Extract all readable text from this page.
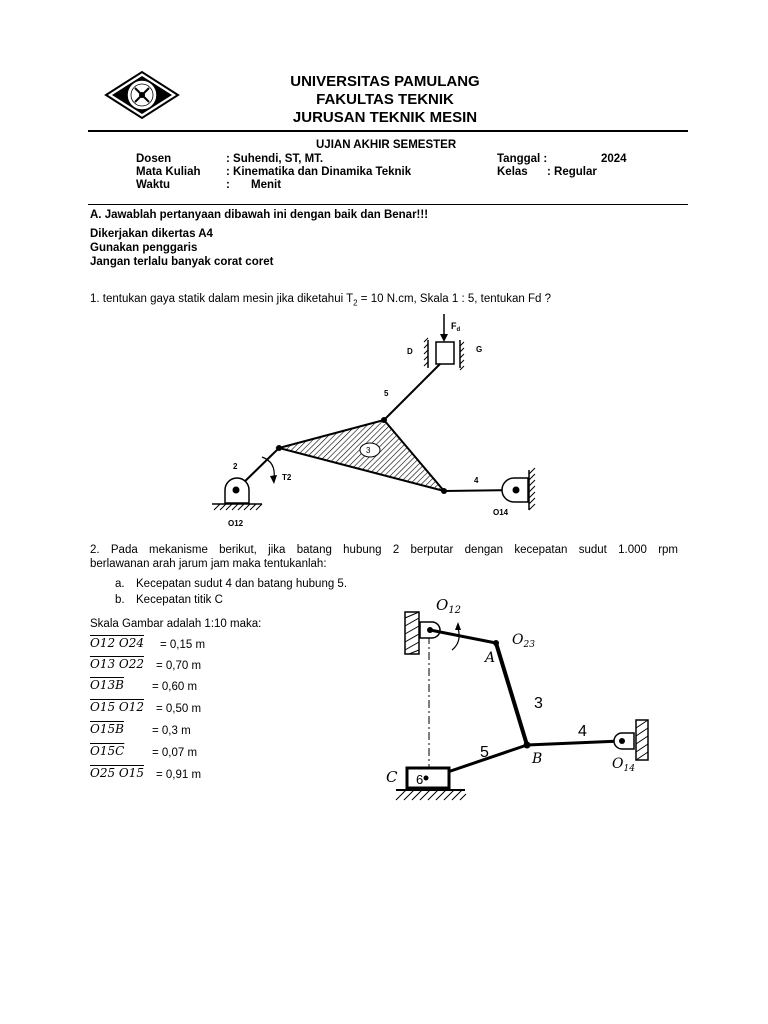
UNIVERSITAS PAMULANG
FAKULTAS TEKNIK
JURUSAN TEKNIK MESIN
UJIAN AKHIR SEMESTER
Dosen	: Suhendi, ST, MT.	Tanggal :	2024
Mata Kuliah : Kinematika dan Dinamika Teknik	Kelas : Regular
Waktu	: Menit
A. Jawablah pertanyaan dibawah ini dengan baik dan Benar!!!
Dikerjakan dikertas A4
Gunakan penggaris
Jangan terlalu banyak corat coret
1. tentukan gaya statik dalam mesin jika diketahui $T_2 = 10$ N.cm, Skala 1 : 5, tentukan Fd ?
$F_d$
D	G
5
3
2
T2
O12
4
O14
2. Pada mekanisme berikut, jika batang hubung 2 berputar dengan kecepatan sudut 1.000 rpm
berlawanan arah jarum jam maka tentukanlah:
a. Kecepatan sudut 4 dan batang hubung 5.
b. Kecepatan titik C
Skala Gambar adalah 1:10 maka:
O12 O24 = 0,15 m
O13 O22 = 0,70 m
O13B = 0,60 m
O15 O12 = 0,50 m
O15B = 0,3 m
O15C = 0,07 m
O25 O15 = 0,91 m
$O_{12}$
$O_{23}$
A
3
4
B	$O_{14}$
5
6
C
